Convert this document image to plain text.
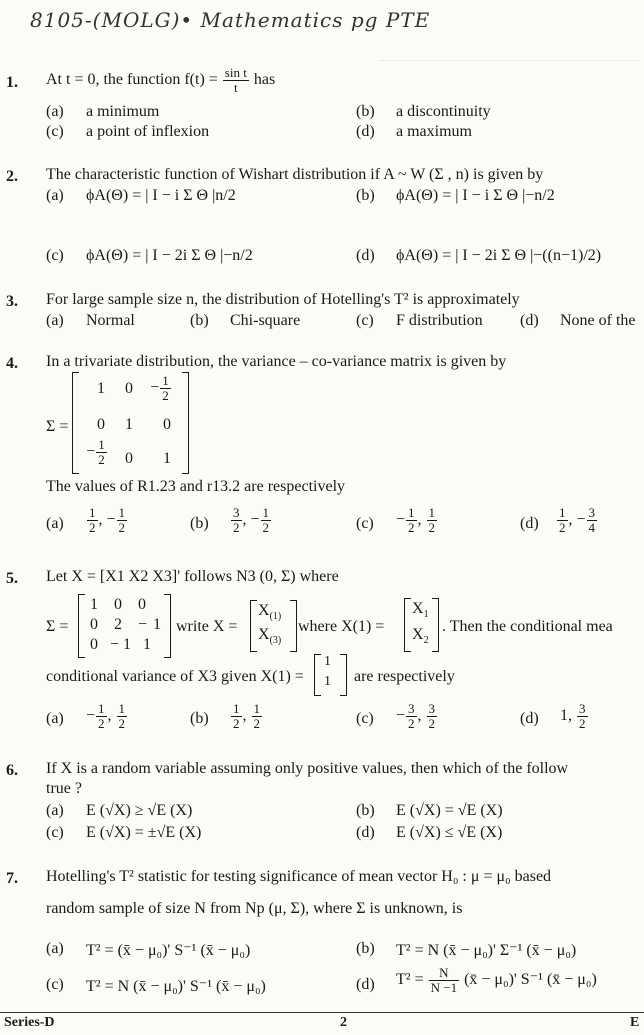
8105-(MOLG)• Mathematics pg PTE
1. At t = 0, the function $f(t) = \frac{\text{sin t}}{t}$ has
(a) a minimum	(b) a discontinuity
(c) a point of inflexion	(d) a maximum
2. The characteristic function of Wishart distribution if A ~ W (Σ , n) is given by
(a) ϕA(Θ) = | I − i Σ Θ |n/2	(b) ϕA(Θ) = | I − i Σ Θ |−n/2
(c) ϕA(Θ) = | I − 2i Σ Θ |−n/2	(d) ϕA(Θ) = | I − 2i Σ Θ |−((n−1)/2)
3. For large sample size n, the distribution of Hotelling's T² is approximately
(a) Normal	(b) Chi-square	(c) F distribution (d) None of the
4. In a trivariate distribution, the variance – co-variance matrix is given by
Σ =
1	0	− $\frac{1}{2}$
0	1	0
− $\frac{1}{2}$	0	1
The values of R1.23 and r13.2 are respectively
$(a) \frac{1}{2}$ , − $\frac{1}{2}$	$(b) \frac{3}{2}$ , − $\frac{1}{2}$	$(c) - \frac{1}{2}$ , $\frac{1}{2}$	$(d) \frac{1}{2}$ , − $\frac{3}{4}$
5. Let X = [X1 X2 X3]' follows N3 (0, Σ) where
Σ =
1 0 0
0 2 −1
0 −1 1
write X =
$X_{(1)}$
$X_{(3)}$
where X(1) =
$X_1$
$X_2$
. Then the conditional mea
conditional variance of X3 given X(1) =
1
1 are respectively
$(a) - \frac{1}{2}$ , $\frac{1}{2}$	$(b) \frac{1}{2}$ , $\frac{1}{2}$	$(c) - \frac{3}{2}$ , $\frac{3}{2}$	(d) 1, $\frac{3}{2}$
6. If X is a random variable assuming only positive values, then which of the follow
true ?
(a) E (√X) ≥ √E (X)	(b) E (√X) = √E (X)
(c) E (√X) = ±√E (X)	(d) E (√X) ≤ √E (X)
7. Hotelling's T² statistic for testing significance of mean vector H₀ : μ = μ₀ based
random sample of size N from Np (μ, Σ), where Σ is unknown, is
(a) T² = (x̄ − μ₀)' S⁻¹ (x̄ − μ₀)	(b) T² = N (x̄ − μ₀)' Σ⁻¹ (x̄ − μ₀)
(c) T² = N (x̄ − μ₀)' S⁻¹ (x̄ − μ₀)	(d) $T^2 = \frac{N}{N -1}$ (x̄ − μ₀)' S⁻¹ (x̄ − μ₀)
Series-D	2	E
